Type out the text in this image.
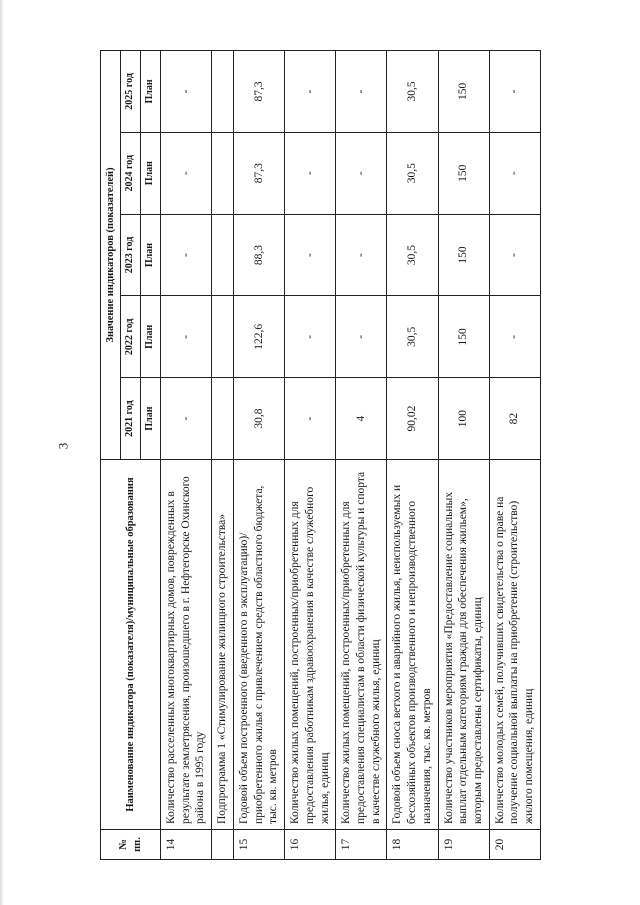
3
№ пп.	Наименование индикатора (показателя)/муниципальные образования	Значение индикаторов (показателей)				
		2021 год	2022 год	2023 год	2024 год	2025 год
		План	План	План	План	План
14	Количество расселенных многоквартирных домов, поврежденных в результате землетрясения, произошедшего в г. Нефтегорске Охинского района в 1995 году	-	-	-	-	-
	Подпрограмма 1 «Стимулирование жилищного строительства»					
15	Годовой объем построенного (введенного в эксплуатацию)/приобретенного жилья с привлечением средств областного бюджета, тыс. кв. метров	30,8	122,6	88,3	87,3	87,3
16	Количество жилых помещений, построенных/приобретенных для предоставления работникам здравоохранения в качестве служебного жилья, единиц	-	-	-	-	-
17	Количество жилых помещений, построенных/приобретенных для предоставления специалистам в области физической культуры и спорта в качестве служебного жилья, единиц	4	-	-	-	-
18	Годовой объем сноса ветхого и аварийного жилья, неиспользуемых и бесхозяйных объектов производственного и непроизводственного назначения, тыс. кв. метров	90,02	30,5	30,5	30,5	30,5
19	Количество участников мероприятия «Предоставление социальных выплат отдельным категориям граждан для обеспечения жильем», которым предоставлены сертификаты, единиц	100	150	150	150	150
20	Количество молодых семей, получивших свидетельства о праве на получение социальной выплаты на приобретение (строительство) жилого помещения, единиц	82	-	-	-	-
